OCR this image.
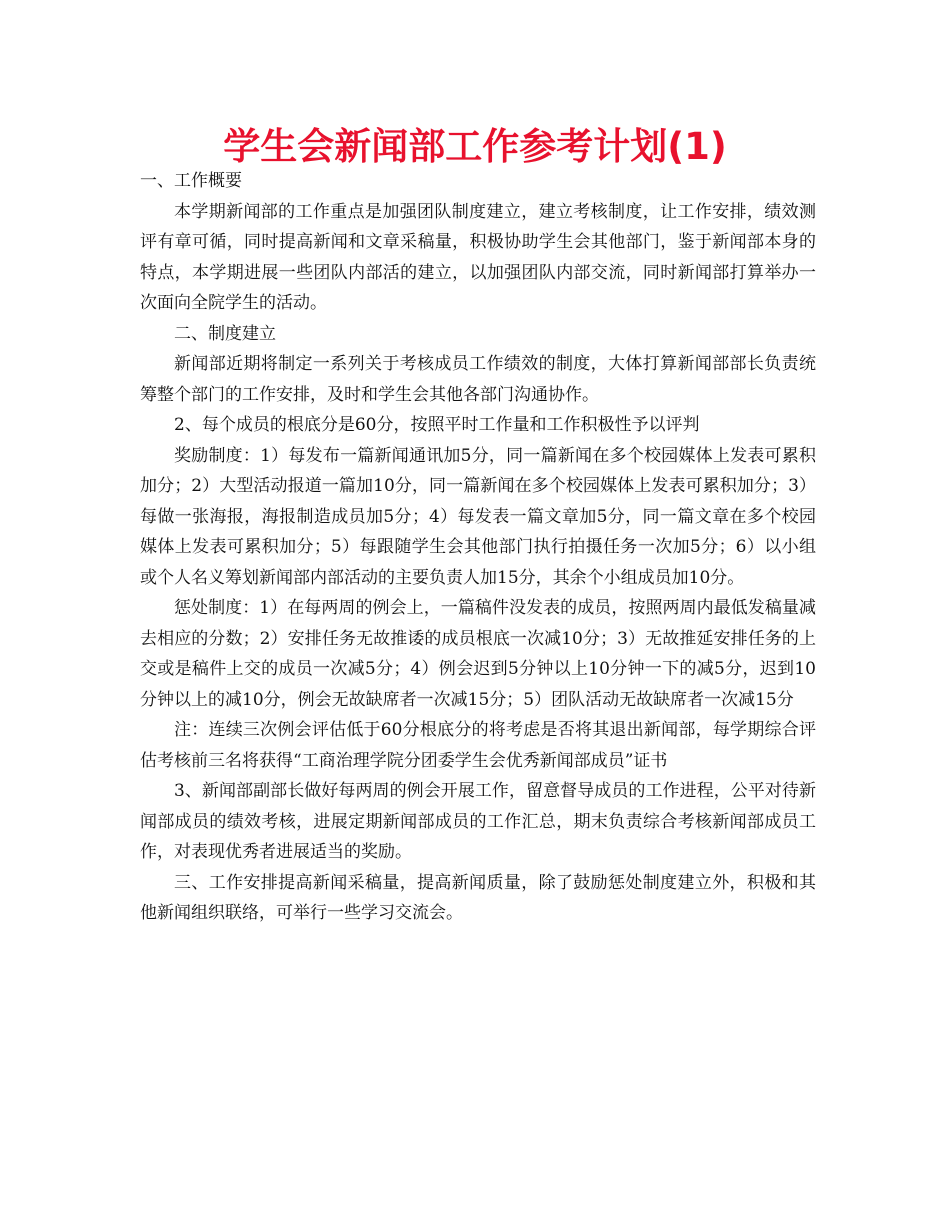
学生会新闻部工作参考计划(1)

一、工作概要

本学期新闻部的工作重点是加强团队制度建立，建立考核制度，让工作安排，绩效测评有章可循，同时提高新闻和文章采稿量，积极协助学生会其他部门，鉴于新闻部本身的特点，本学期进展一些团队内部活的建立，以加强团队内部交流，同时新闻部打算举办一次面向全院学生的活动。

二、制度建立

新闻部近期将制定一系列关于考核成员工作绩效的制度，大体打算新闻部部长负责统筹整个部门的工作安排，及时和学生会其他各部门沟通协作。

2、每个成员的根底分是60分，按照平时工作量和工作积极性予以评判

奖励制度：1）每发布一篇新闻通讯加5分，同一篇新闻在多个校园媒体上发表可累积加分；2）大型活动报道一篇加10分，同一篇新闻在多个校园媒体上发表可累积加分；3）每做一张海报，海报制造成员加5分；4）每发表一篇文章加5分，同一篇文章在多个校园媒体上发表可累积加分；5）每跟随学生会其他部门执行拍摄任务一次加5分；6）以小组或个人名义筹划新闻部内部活动的主要负责人加15分，其余个小组成员加10分。

惩处制度：1）在每两周的例会上，一篇稿件没发表的成员，按照两周内最低发稿量减去相应的分数；2）安排任务无故推诿的成员根底一次减10分；3）无故推延安排任务的上交或是稿件上交的成员一次减5分；4）例会迟到5分钟以上10分钟一下的减5分，迟到10分钟以上的减10分，例会无故缺席者一次减15分；5）团队活动无故缺席者一次减15分

注：连续三次例会评估低于60分根底分的将考虑是否将其退出新闻部，每学期综合评估考核前三名将获得“工商治理学院分团委学生会优秀新闻部成员”证书

3、新闻部副部长做好每两周的例会开展工作，留意督导成员的工作进程，公平对待新闻部成员的绩效考核，进展定期新闻部成员的工作汇总，期末负责综合考核新闻部成员工作，对表现优秀者进展适当的奖励。

三、工作安排提高新闻采稿量，提高新闻质量，除了鼓励惩处制度建立外，积极和其他新闻组织联络，可举行一些学习交流会。
